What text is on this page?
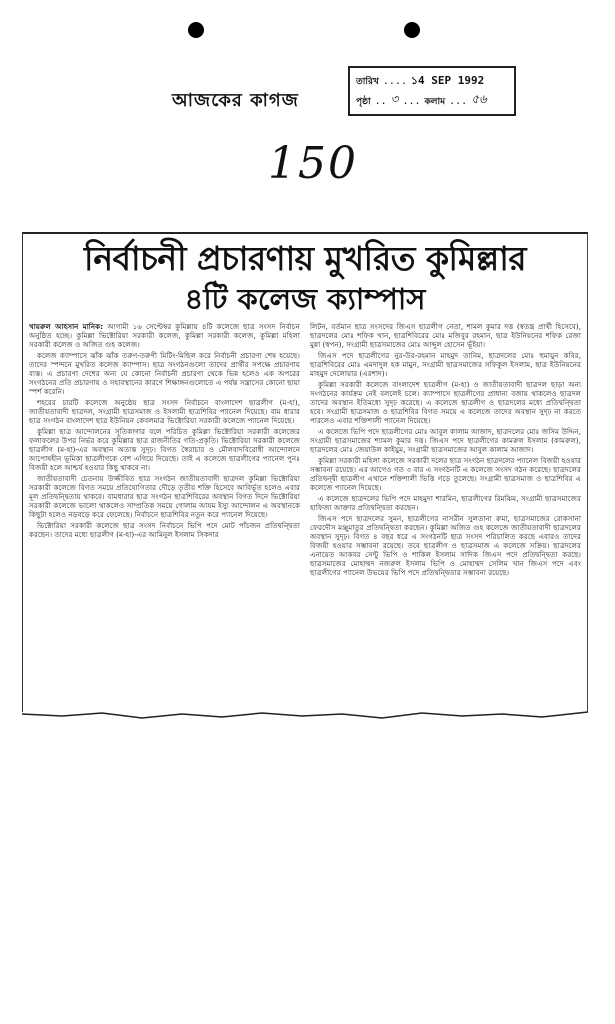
আজকের কাগজ
তারিখ .... ১4 SEP 1992
পৃষ্ঠা .. ৩ ... কলাম ... ৫৬
150
নির্বাচনী প্রচারণায় মুখরিত কুমিল্লার
৪টি কলেজ ক্যাম্পাস

খায়রুল আহসান মানিক: আগামী ১৬ সেপ্টেম্বর কুমিল্লায় ৪টি কলেজে ছাত্র সংসদ নির্বাচন অনুষ্ঠিত হচ্ছে। কুমিল্লা ভিক্টোরিয়া সরকারী কলেজ, কুমিল্লা সরকারী কলেজ, কুমিল্লা মহিলা সরকারী কলেজ ও অজিত গুহ কলেজ।

কলেজ ক্যাম্পাসে ঝাঁক ঝাঁক তরুণ-তরুণী মিটিং-মিছিল করে নির্বাচনী প্রচারণা শেষ হয়েছে। তাদের স্পন্দনে মুখরিত কলেজ ক্যাম্পাস। ছাত্র সংগঠনগুলো তাদের প্রার্থীর সপক্ষে প্রচারণায় ব্যস্ত। এ প্রচারণা দেশের অন্য যে কোনো নির্বাচনী প্রচারণা থেকে ভিন্ন হলেও এক অপরের সংগঠনের প্রতি প্রচারণায় ও সহাবস্থানের কারণে শিক্ষাঙ্গনগুলোতে এ পর্যন্ত সন্ত্রাসের কোনো ছায়া স্পর্শ করেনি।

শহরের চারটি কলেজে অনুষ্ঠেয় ছাত্র সংসদ নির্বাচনে বাংলাদেশ ছাত্রলীগ (ম-হা), জাতীয়তাবাদী ছাত্রদল, সংগ্রামী ছাত্রসমাজ ও ইসলামী ছাত্রশিবির প্যানেল দিয়েছে। বাম ধারার ছাত্র সংগঠন বাংলাদেশ ছাত্র ইউনিয়ন কেবলমাত্র ভিক্টোরিয়া সরকারী কলেজে প্যানেল দিয়েছে।

কুমিল্লা ছাত্র আন্দোলনের সূতিকাগার বলে পরিচিত কুমিল্লা ভিক্টোরিয়া সরকারী কলেজের ফলাফলের উপর নির্ভর করে কুমিল্লার ছাত্র রাজনীতির গতি-প্রকৃতি। ভিক্টোরিয়া সরকারী কলেজে ছাত্রলীগ (ম-হা)-এর অবস্থান অত্যন্ত সুদৃঢ়। বিগত স্বৈরাচার ও মৌলবাদবিরোধী আন্দোলনে আপোষহীন ভূমিকা ছাত্রলীগকে বেশ এগিয়ে দিয়েছে। তাই এ কলেজে ছাত্রলীগের প্যানেল পুনঃ বিজয়ী হলে আশ্চর্য হওয়ার কিছু থাকবে না।

জাতীয়তাবাদী চেতনায় উজ্জীবিত ছাত্র সংগঠন জাতীয়তাবাদী ছাত্রদল কুমিল্লা ভিক্টোরিয়া সরকারী কলেজে বিগত সময়ে প্রতিযোগিতার দৌড়ে তৃতীয় শক্তি হিসেবে আবির্ভূত হলেও এবার মূল প্রতিদ্বন্দ্বিতায় থাকবে। বামধারার ছাত্র সংগঠন ছাত্রশিবিরের অবস্থান বিগত দিনে ভিক্টোরিয়া সরকারী কলেজে ভালো থাকলেও সাম্প্রতিক সময়ে গোলাম আযম ইস্যু আন্দোলন এ অবস্থানকে কিছুটা হলেও নড়বড়ে করে ফেলেছে। নির্বাচনে ছাত্রশিবির নতুন করে প্যানেল দিয়েছে।

ভিক্টোরিয়া সরকারী কলেজে ছাত্র সংসদ নির্বাচনে ভিপি পদে মোট পাঁচজন প্রতিদ্বন্দ্বিতা করছেন। তাদের মধ্যে ছাত্রলীগ (ম-হা)-এর আমিনুল ইসলাম সিকদার

লিটন, বর্তমান ছাত্র সংসদের জিএস ছাত্রলীগ নেতা, শামল কুমার দত্ত (স্বতন্ত্র প্রার্থী হিসেবে), ছাত্রদলের মোঃ শফিক খান, ছাত্রশিবিরের মোঃ মজিবুর রহমান, ছাত্র ইউনিয়নের শফিক রেজা মুন্না (স্বপন), সংগ্রামী ছাত্রসমাজের মোঃ আব্দুল হোসেন ভূঁইয়া।

জিএস পদে ছাত্রলীগের নুর-উর-রহমান মাহমুদ তানিম, ছাত্রদলের মোঃ হুমায়ুন কবির, ছাত্রশিবিরের মোঃ এমদাদুল হক মামুন, সংগ্রামী ছাত্রসমাজের সফিকুল ইসলাম, ছাত্র ইউনিয়নের মাহমুদ দেলোয়ার (এরশাদ)।

কুমিল্লা সরকারী কলেজে বাংলাদেশ ছাত্রলীগ (ম-হা) ও জাতীয়তাবাদী ছাত্রদল ছাড়া অন্য সংগঠনের কার্যক্রম নেই বললেই চলে। ক্যাম্পাসে ছাত্রলীগের প্রাধান্য বজায় থাকলেও ছাত্রদল তাদের অবস্থান ইতিমধ্যে সুদৃঢ় করেছে। এ কলেজে ছাত্রলীগ ও ছাত্রদলের মধ্যে প্রতিদ্বন্দ্বিতা হবে। সংগ্রামী ছাত্রসমাজ ও ছাত্রশিবির বিগত সময়ে এ কলেজে তাদের অবস্থান সুদৃঢ় না করতে পারলেও এবার শক্তিশালী প্যানেল দিয়েছে।

এ কলেজে ভিপি পদে ছাত্রলীগের মোঃ আবুল কালাম আজাদ, ছাত্রদলের মোঃ জসিম উদ্দিন, সংগ্রামী ছাত্রসমাজের শ্যামল কুমার দত্ত। জিএস পদে ছাত্রলীগের কামরুল ইসলাম (কামরুল), ছাত্রদলের মোঃ জেয়াউল কাইয়ুম, সংগ্রামী ছাত্রসমাজের আবুল কালাম আজাদ।

কুমিল্লা সরকারী মহিলা কলেজে সরকারী দলের ছাত্র সংগঠন ছাত্রদলের প্যানেল বিজয়ী হওয়ার সম্ভাবনা রয়েছে। এর আগেও গত ৩ বার এ সংগঠনটি এ কলেজে সংসদ গঠন করেছে। ছাত্রদলের প্রতিদ্বন্দ্বী ছাত্রলীগ এখানে শক্তিশালী ভিত্তি গড়ে তুলেছে। সংগ্রামী ছাত্রসমাজ ও ছাত্রশিবির এ কলেজে প্যানেল দিয়েছে।

এ কলেজে ছাত্রদলের ভিপি পদে মাহমুদা শারমিন, ছাত্রলীগের রিমঝিম, সংগ্রামী ছাত্রসমাজের হাফিজা আক্তার প্রতিদ্বন্দ্বিতা করছেন।

জিএস পদে ছাত্রদলের সুমন, ছাত্রলীগের নাসরীন সুলতানা রুমা, ছাত্রসমাজের রোকসানা ফেরদৌস মঞ্জুমাতুর প্রতিদ্বন্দ্বিতা করছেন। কুমিল্লা অজিত গুহ কলেজে জাতীয়তাবাদী ছাত্রদলের অবস্থান সুদৃঢ়। বিগত ৪ বছর ধরে এ সংগঠনটি ছাত্র সংসদ পরিচালিত করছে এবারও তাদের বিজয়ী হওয়ার সম্ভাবনা রয়েছে। তবে ছাত্রলীগ ও ছাত্রসমাজ এ কলেজে সক্রিয়। ছাত্রদলের এনায়েত আকবর সেন্টু ভিপি ও শাকিল ইসলাম সাদিক জিএস পদে প্রতিদ্বন্দ্বিতা করছে। ছাত্রসমাজের মোহাম্মদ নজরুল ইসলাম ভিপি ও মোহাম্মদ সেলিম খান জিএস পদে এবং ছাত্রলীগের প্যানেল উভয়ের ভিপি পদে প্রতিদ্বন্দ্বিতার সম্ভাবনা রয়েছে।
